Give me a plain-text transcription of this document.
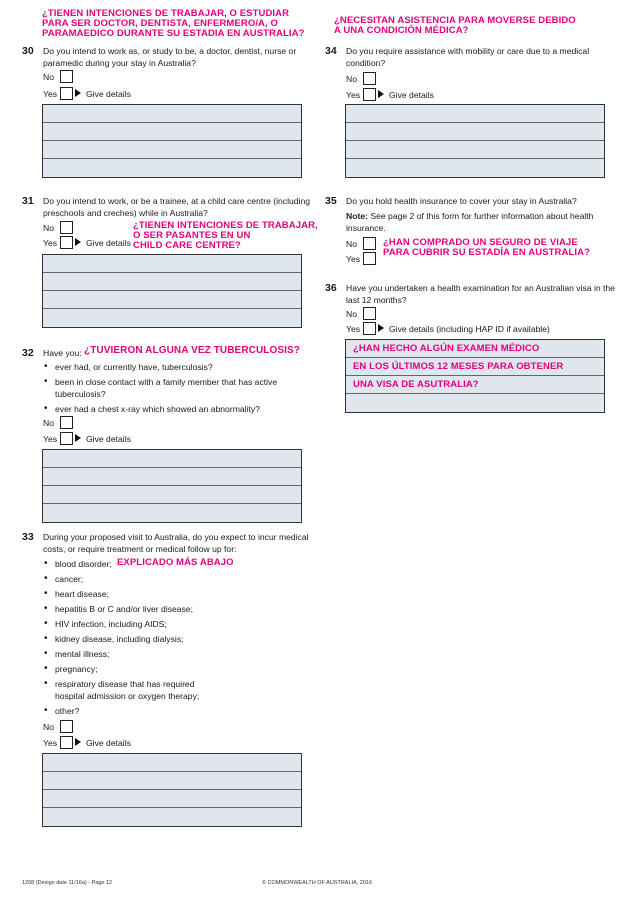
¿TIENEN INTENCIONES DE TRABAJAR, O ESTUDIAR
PARA SER DOCTOR, DENTISTA, ENFERMERO/A, O
PARAMAEDICO DURANTE SU ESTADIA EN AUSTRALIA?
¿NECESITAN ASISTENCIA PARA MOVERSE DEBIDO
A UNA CONDICIÓN MÉDICA?
30 Do you intend to work as, or study to be, a doctor, dentist, nurse or
paramedic during your stay in Australia?
No
Yes	Give details
31 Do you intend to work, or be a trainee, at a child care centre (including
preschools and creches) while in Australia?
No
Yes	Give details
¿TIENEN INTENCIONES DE TRABAJAR,
O SER PASANTES EN UN
CHILD CARE CENTRE?
32 Have you: ¿TUVIERON ALGUNA VEZ TUBERCULOSIS?
• ever had, or currently have, tuberculosis?
• been in close contact with a family member that has active
tuberculosis?
• ever had a chest x-ray which showed an abnormality?
No
Yes	Give details
33 During your proposed visit to Australia, do you expect to incur medical
costs, or require treatment or medical follow up for:
• blood disorder;
• cancer;
• heart disease;
• hepatitis B or C and/or liver disease;
• HIV infection, including AIDS;
• kidney disease, including dialysis;
• mental illness;
• pregnancy;
• respiratory disease that has required
hospital admission or oxygen therapy;
• other?
EXPLICADO MÁS ABAJO
No
Yes	Give details
34 Do you require assistance with mobility or care due to a medical
condition?
No
Yes	Give details
35 Do you hold health insurance to cover your stay in Australia?
Note: See page 2 of this form for further information about health
insurance.
No
Yes
¿HAN COMPRADO UN SEGURO DE VIAJE
PARA CUBRIR SU ESTADÍA EN AUSTRALIA?
36 Have you undertaken a health examination for an Australian visa in the
last 12 months?
No
Yes	Give details (including HAP ID if available)
¿HAN HECHO ALGÚN EXAMEN MÉDICO
EN LOS ÚLTIMOS 12 MESES PARA OBTENER
UNA VISA DE ASUTRALIA?
1208 (Design date 11/16a) - Page 12	© COMMONWEALTH OF AUSTRALIA, 2016
